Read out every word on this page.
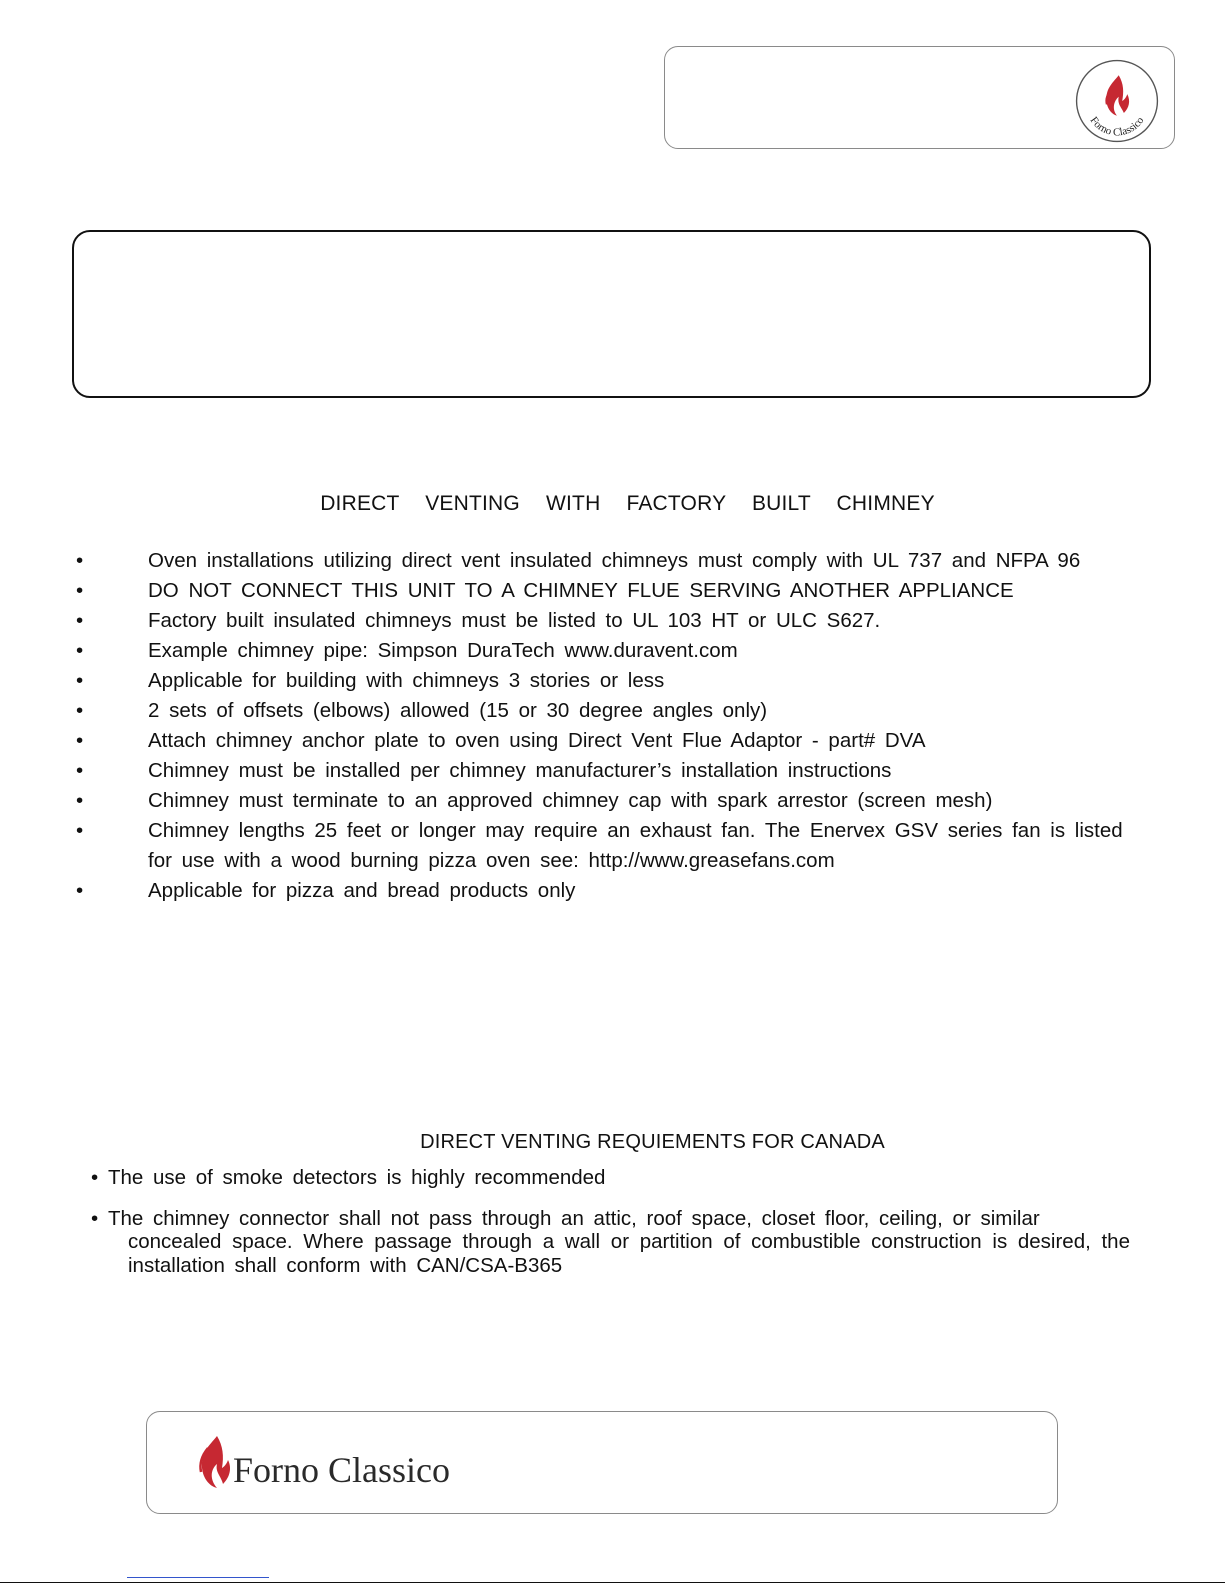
Forno Classico
DIRECT VENTING WITH FACTORY BUILT CHIMNEY
•	Oven installations utilizing direct vent insulated chimneys must comply with UL 737 and NFPA 96
•	DO NOT CONNECT THIS UNIT TO A CHIMNEY FLUE SERVING ANOTHER APPLIANCE
•	Factory built insulated chimneys must be listed to UL 103 HT or ULC S627.
•	Example chimney pipe: Simpson DuraTech www.duravent.com
•	Applicable for building with chimneys 3 stories or less
•	2 sets of offsets (elbows) allowed (15 or 30 degree angles only)
•	Attach chimney anchor plate to oven using Direct Vent Flue Adaptor - part# DVA
•	Chimney must be installed per chimney manufacturer’s installation instructions
•	Chimney must terminate to an approved chimney cap with spark arrestor (screen mesh)
•	Chimney lengths 25 feet or longer may require an exhaust fan. The Enervex GSV series fan is listed
for use with a wood burning pizza oven see: http://www.greasefans.com
•	Applicable for pizza and bread products only
DIRECT VENTING REQUIEMENTS FOR CANADA
• The use of smoke detectors is highly recommended
• The chimney connector shall not pass through an attic, roof space, closet floor, ceiling, or similar
concealed space. Where passage through a wall or partition of combustible construction is desired, the installation shall conform with CAN/CSA-B365
Forno Classico
